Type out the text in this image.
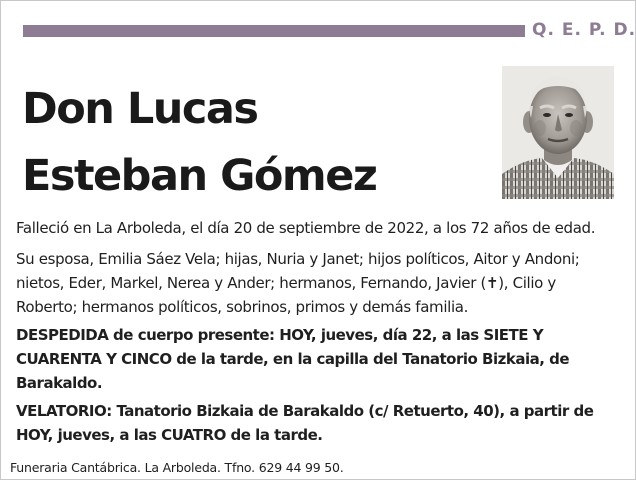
Q. E. P. D.
Don Lucas
Esteban Gómez
Falleció en La Arboleda, el día 20 de septiembre de 2022, a los 72 años de edad.
Su esposa, Emilia Sáez Vela; hijas, Nuria y Janet; hijos políticos, Aitor y Andoni;
nietos, Eder, Markel, Nerea y Ander; hermanos, Fernando, Javier (✝), Cilio y
Roberto; hermanos políticos, sobrinos, primos y demás familia.
DESPEDIDA de cuerpo presente: HOY, jueves, día 22, a las SIETE Y
CUARENTA Y CINCO de la tarde, en la capilla del Tanatorio Bizkaia, de
Barakaldo.
VELATORIO: Tanatorio Bizkaia de Barakaldo (c/ Retuerto, 40), a partir de
HOY, jueves, a las CUATRO de la tarde.
Funeraria Cantábrica. La Arboleda. Tfno. 629 44 99 50.
